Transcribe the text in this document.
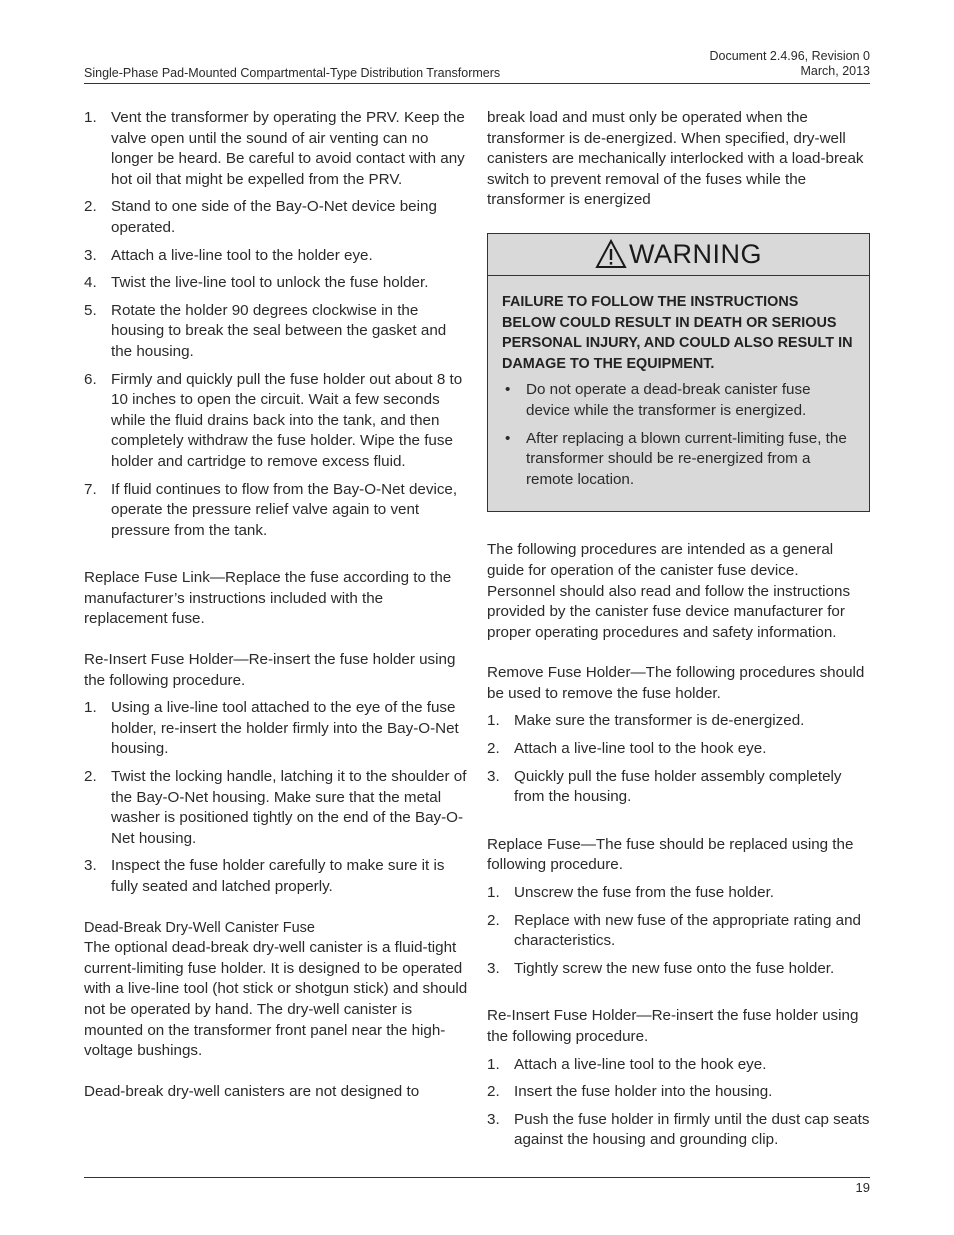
Single-Phase Pad-Mounted Compartmental-Type Distribution Transformers
Document 2.4.96, Revision 0
March, 2013
1. Vent the transformer by operating the PRV. Keep the valve open until the sound of air venting can no longer be heard. Be careful to avoid contact with any hot oil that might be expelled from the PRV.
2. Stand to one side of the Bay-O-Net device being operated.
3. Attach a live-line tool to the holder eye.
4. Twist the live-line tool to unlock the fuse holder.
5. Rotate the holder 90 degrees clockwise in the housing to break the seal between the gasket and the housing.
6. Firmly and quickly pull the fuse holder out about 8 to 10 inches to open the circuit. Wait a few seconds while the fluid drains back into the tank, and then completely withdraw the fuse holder. Wipe the fuse holder and cartridge to remove excess fluid.
7. If fluid continues to flow from the Bay-O-Net device, operate the pressure relief valve again to vent pressure from the tank.

Replace Fuse Link—Replace the fuse according to the manufacturer’s instructions included with the replacement fuse.

Re-Insert Fuse Holder—Re-insert the fuse holder using the following procedure.

1. Using a live-line tool attached to the eye of the fuse holder, re-insert the holder firmly into the Bay-O-Net housing.
2. Twist the locking handle, latching it to the shoulder of the Bay-O-Net housing. Make sure that the metal washer is positioned tightly on the end of the Bay-O-Net housing.
3. Inspect the fuse holder carefully to make sure it is fully seated and latched properly.
Dead-Break Dry-Well Canister Fuse

The optional dead-break dry-well canister is a fluid-tight current-limiting fuse holder. It is designed to be operated with a live-line tool (hot stick or shotgun stick) and should not be operated by hand. The dry-well canister is mounted on the transformer front panel near the high-voltage bushings.

Dead-break dry-well canisters are not designed to

break load and must only be operated when the transformer is de-energized. When specified, dry-well canisters are mechanically interlocked with a load-break switch to prevent removal of the fuses while the transformer is energized

WARNING
FAILURE TO FOLLOW THE INSTRUCTIONS BELOW COULD RESULT IN DEATH OR SERIOUS PERSONAL INJURY, AND COULD ALSO RESULT IN DAMAGE TO THE EQUIPMENT.
• Do not operate a dead-break canister fuse device while the transformer is energized.
• After replacing a blown current-limiting fuse, the transformer should be re-energized from a remote location.

The following procedures are intended as a general guide for operation of the canister fuse device. Personnel should also read and follow the instructions provided by the canister fuse device manufacturer for proper operating procedures and safety information.

Remove Fuse Holder—The following procedures should be used to remove the fuse holder.

1. Make sure the transformer is de-energized.
2. Attach a live-line tool to the hook eye.
3. Quickly pull the fuse holder assembly completely from the housing.

Replace Fuse—The fuse should be replaced using the following procedure.

1. Unscrew the fuse from the fuse holder.
2. Replace with new fuse of the appropriate rating and characteristics.
3. Tightly screw the new fuse onto the fuse holder.

Re-Insert Fuse Holder—Re-insert the fuse holder using the following procedure.

1. Attach a live-line tool to the hook eye.
2. Insert the fuse holder into the housing.
3. Push the fuse holder in firmly until the dust cap seats against the housing and grounding clip.
19
